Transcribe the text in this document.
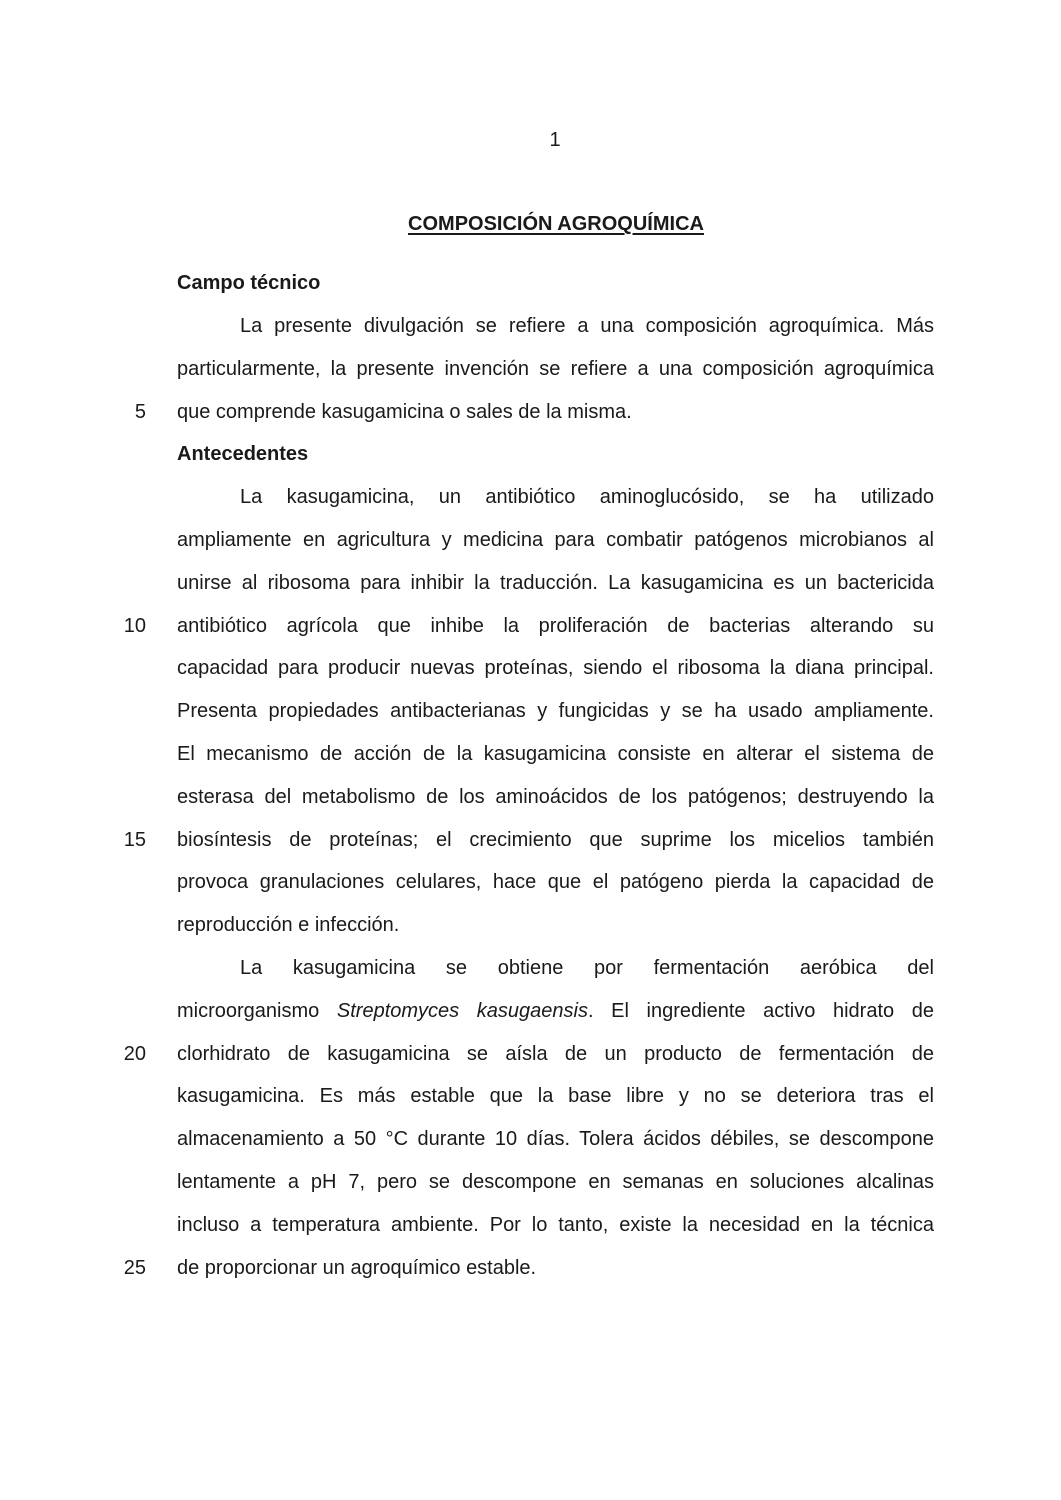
1
COMPOSICIÓN AGROQUÍMICA
Campo técnico
La presente divulgación se refiere a una composición agroquímica. Más
particularmente, la presente invención se refiere a una composición agroquímica
que comprende kasugamicina o sales de la misma.
Antecedentes
La kasugamicina, un antibiótico aminoglucósido, se ha utilizado
ampliamente en agricultura y medicina para combatir patógenos microbianos al
unirse al ribosoma para inhibir la traducción. La kasugamicina es un bactericida
antibiótico agrícola que inhibe la proliferación de bacterias alterando su
capacidad para producir nuevas proteínas, siendo el ribosoma la diana principal.
Presenta propiedades antibacterianas y fungicidas y se ha usado ampliamente.
El mecanismo de acción de la kasugamicina consiste en alterar el sistema de
esterasa del metabolismo de los aminoácidos de los patógenos; destruyendo la
biosíntesis de proteínas; el crecimiento que suprime los micelios también
provoca granulaciones celulares, hace que el patógeno pierda la capacidad de
reproducción e infección.
La kasugamicina se obtiene por fermentación aeróbica del
microorganismo Streptomyces kasugaensis. El ingrediente activo hidrato de
clorhidrato de kasugamicina se aísla de un producto de fermentación de
kasugamicina. Es más estable que la base libre y no se deteriora tras el
almacenamiento a 50 °C durante 10 días. Tolera ácidos débiles, se descompone
lentamente a pH 7, pero se descompone en semanas en soluciones alcalinas
incluso a temperatura ambiente. Por lo tanto, existe la necesidad en la técnica
de proporcionar un agroquímico estable.
5
10
15
20
25
